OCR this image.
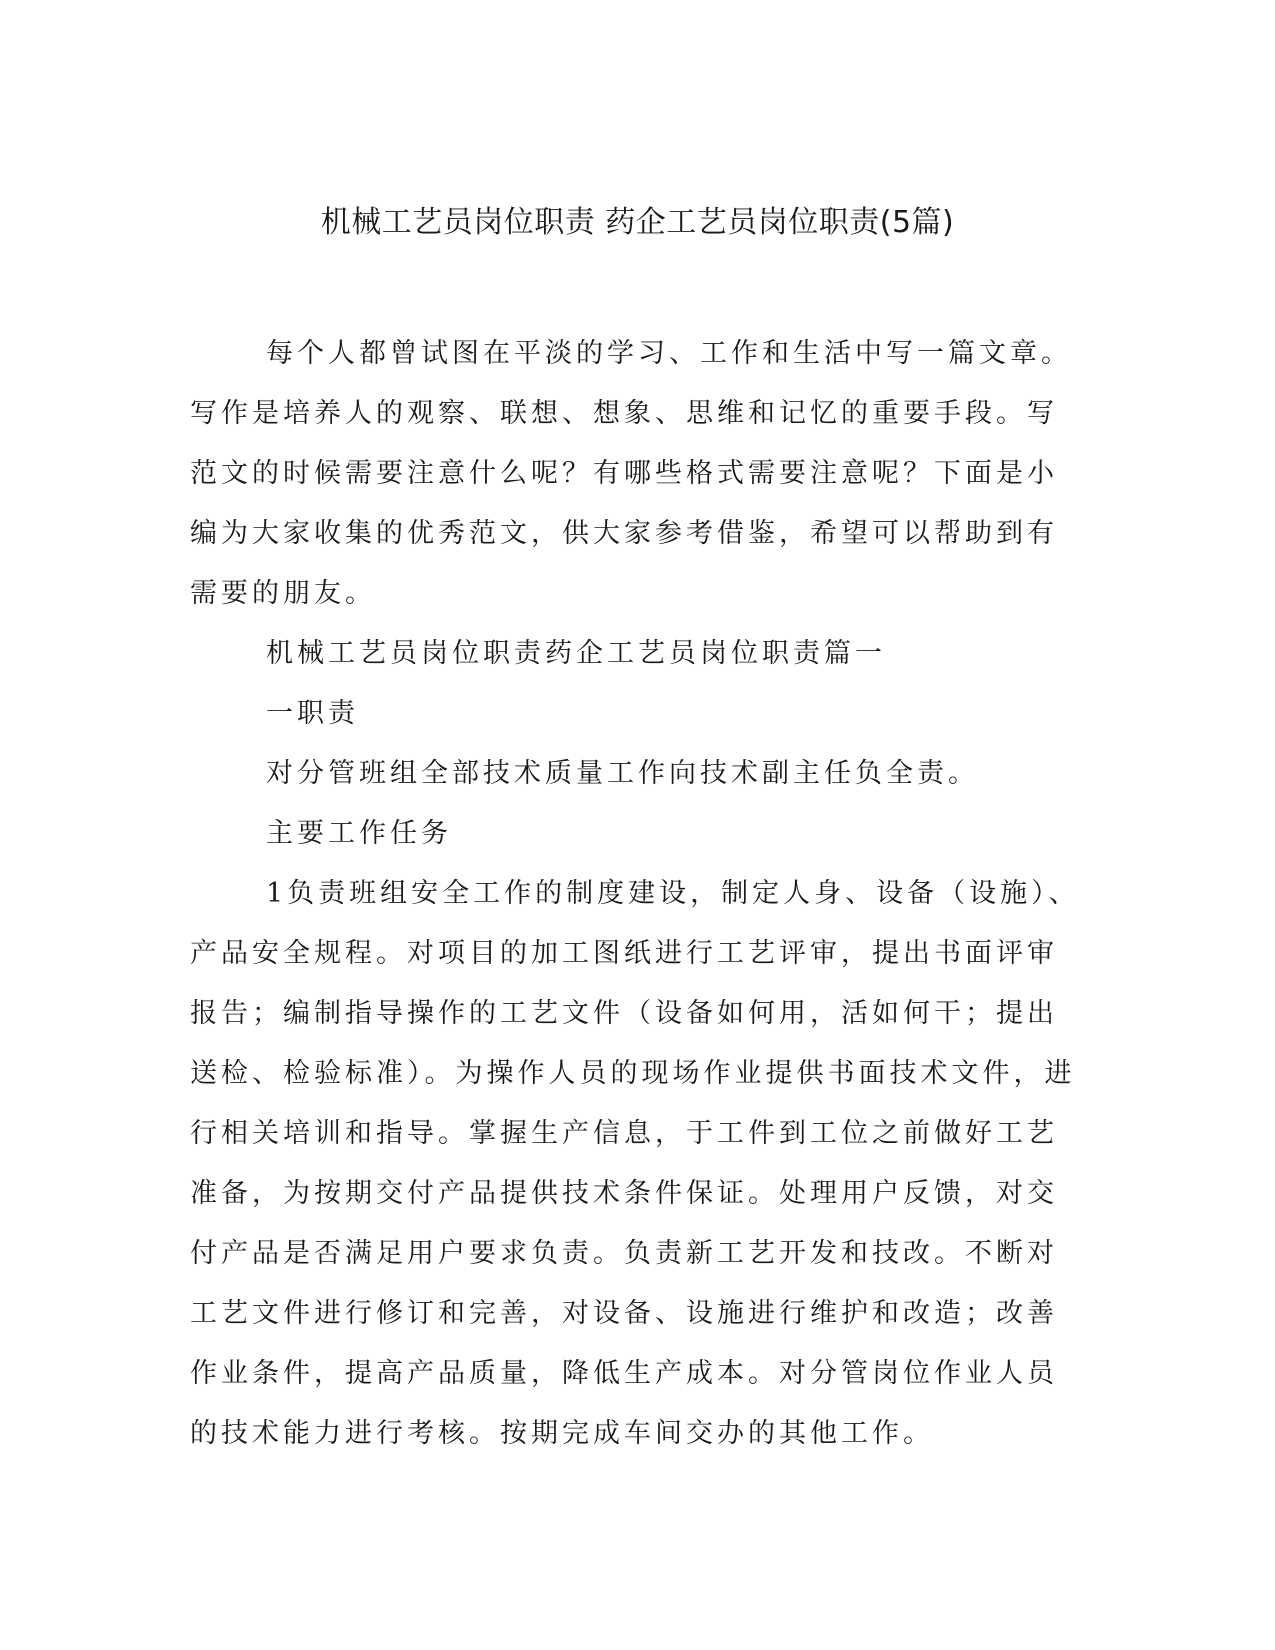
机械工艺员岗位职责 药企工艺员岗位职责(5篇)

每个人都曾试图在平淡的学习、工作和生活中写一篇文章。写作是培养人的观察、联想、想象、思维和记忆的重要手段。写范文的时候需要注意什么呢？有哪些格式需要注意呢？下面是小编为大家收集的优秀范文，供大家参考借鉴，希望可以帮助到有需要的朋友。

机械工艺员岗位职责药企工艺员岗位职责篇一

一职责

对分管班组全部技术质量工作向技术副主任负全责。

主要工作任务

1负责班组安全工作的制度建设，制定人身、设备（设施）、产品安全规程。对项目的加工图纸进行工艺评审，提出书面评审报告；编制指导操作的工艺文件（设备如何用，活如何干；提出送检、检验标准）。为操作人员的现场作业提供书面技术文件，进行相关培训和指导。掌握生产信息，于工件到工位之前做好工艺准备，为按期交付产品提供技术条件保证。处理用户反馈，对交付产品是否满足用户要求负责。负责新工艺开发和技改。不断对工艺文件进行修订和完善，对设备、设施进行维护和改造；改善作业条件，提高产品质量，降低生产成本。对分管岗位作业人员的技术能力进行考核。按期完成车间交办的其他工作。
